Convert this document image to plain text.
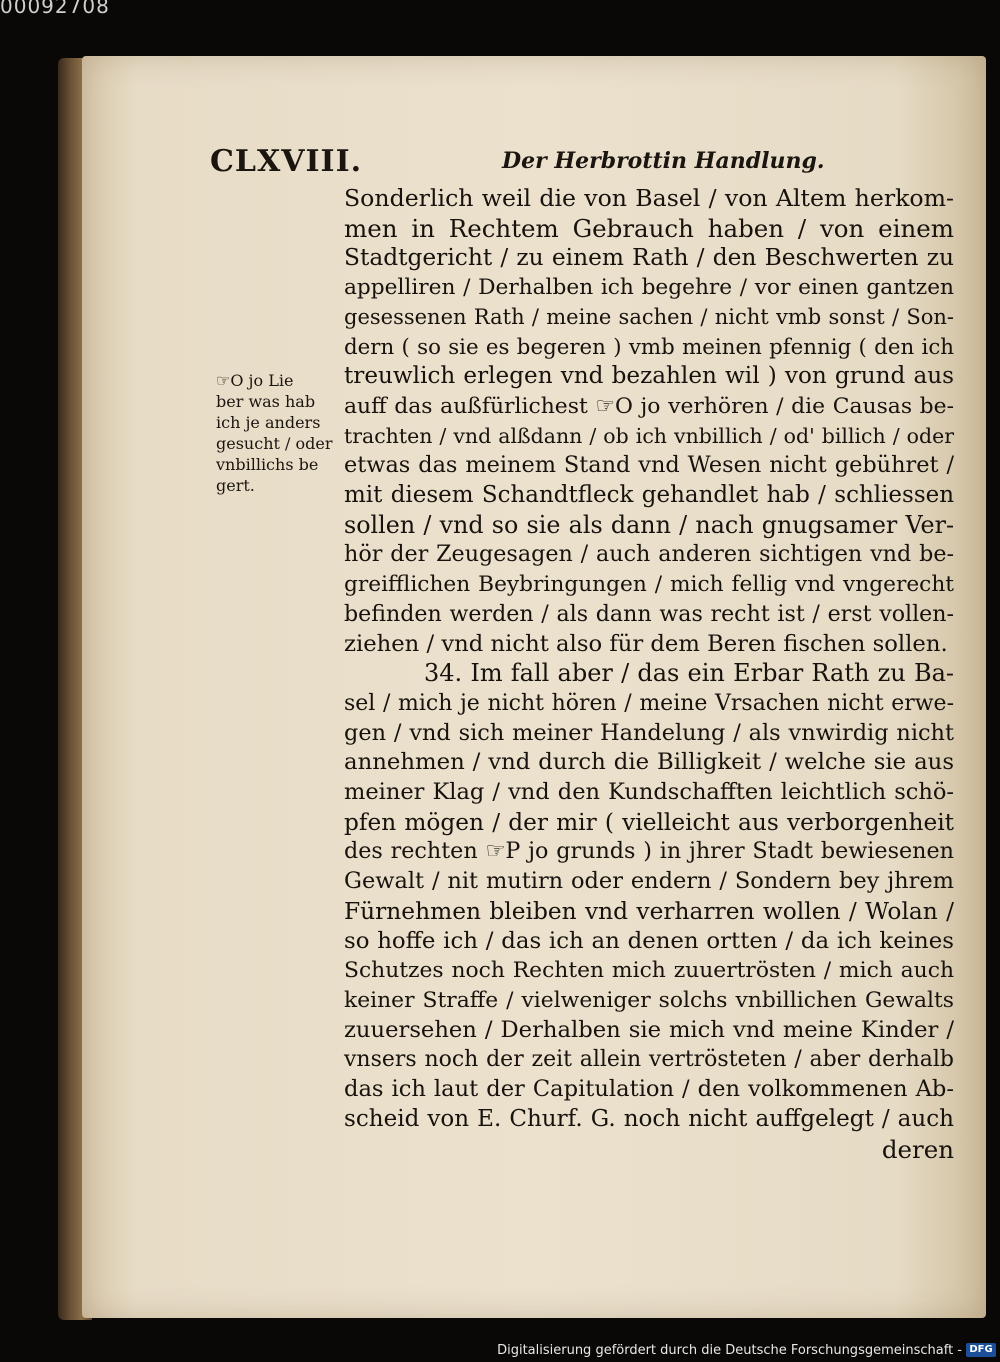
00092708
CLXVIII.	Der Herbrottin Handlung.
☞O jo Lie
ber was hab
ich je anders
gesucht / oder
vnbillichs be
gert.
Sonderlich weil die von Basel / von Altem herkom-
men in Rechtem Gebrauch haben / von einem
Stadtgericht / zu einem Rath / den Beschwerten zu
appelliren / Derhalben ich begehre / vor einen gantzen
gesessenen Rath / meine sachen / nicht vmb sonst / Son-
dern ( so sie es begeren ) vmb meinen pfennig ( den ich
treuwlich erlegen vnd bezahlen wil ) von grund aus
auff das außfürlichest ☞O jo verhören / die Causas be-
trachten / vnd alßdann / ob ich vnbillich / od' billich / oder
etwas das meinem Stand vnd Wesen nicht gebühret /
mit diesem Schandtfleck gehandlet hab / schliessen
sollen / vnd so sie als dann / nach gnugsamer Ver-
hör der Zeugesagen / auch anderen sichtigen vnd be-
greifflichen Beybringungen / mich fellig vnd vngerecht
befinden werden / als dann was recht ist / erst vollen-
ziehen / vnd nicht also für dem Beren fischen sollen.
34. Im fall aber / das ein Erbar Rath zu Ba-
sel / mich je nicht hören / meine Vrsachen nicht erwe-
gen / vnd sich meiner Handelung / als vnwirdig nicht
annehmen / vnd durch die Billigkeit / welche sie aus
meiner Klag / vnd den Kundschafften leichtlich schö-
pfen mögen / der mir ( vielleicht aus verborgenheit
des rechten ☞P jo grunds ) in jhrer Stadt bewiesenen
Gewalt / nit mutirn oder endern / Sondern bey jhrem
Fürnehmen bleiben vnd verharren wollen / Wolan /
so hoffe ich / das ich an denen ortten / da ich keines
Schutzes noch Rechten mich zuuertrösten / mich auch
keiner Straffe / vielweniger solchs vnbillichen Gewalts
zuuersehen / Derhalben sie mich vnd meine Kinder /
vnsers noch der zeit allein vertrösteten / aber derhalb
das ich laut der Capitulation / den volkommenen Ab-
scheid von E. Churf. G. noch nicht auffgelegt / auch
deren
Digitalisierung gefördert durch die Deutsche Forschungsgemeinschaft - DFG
